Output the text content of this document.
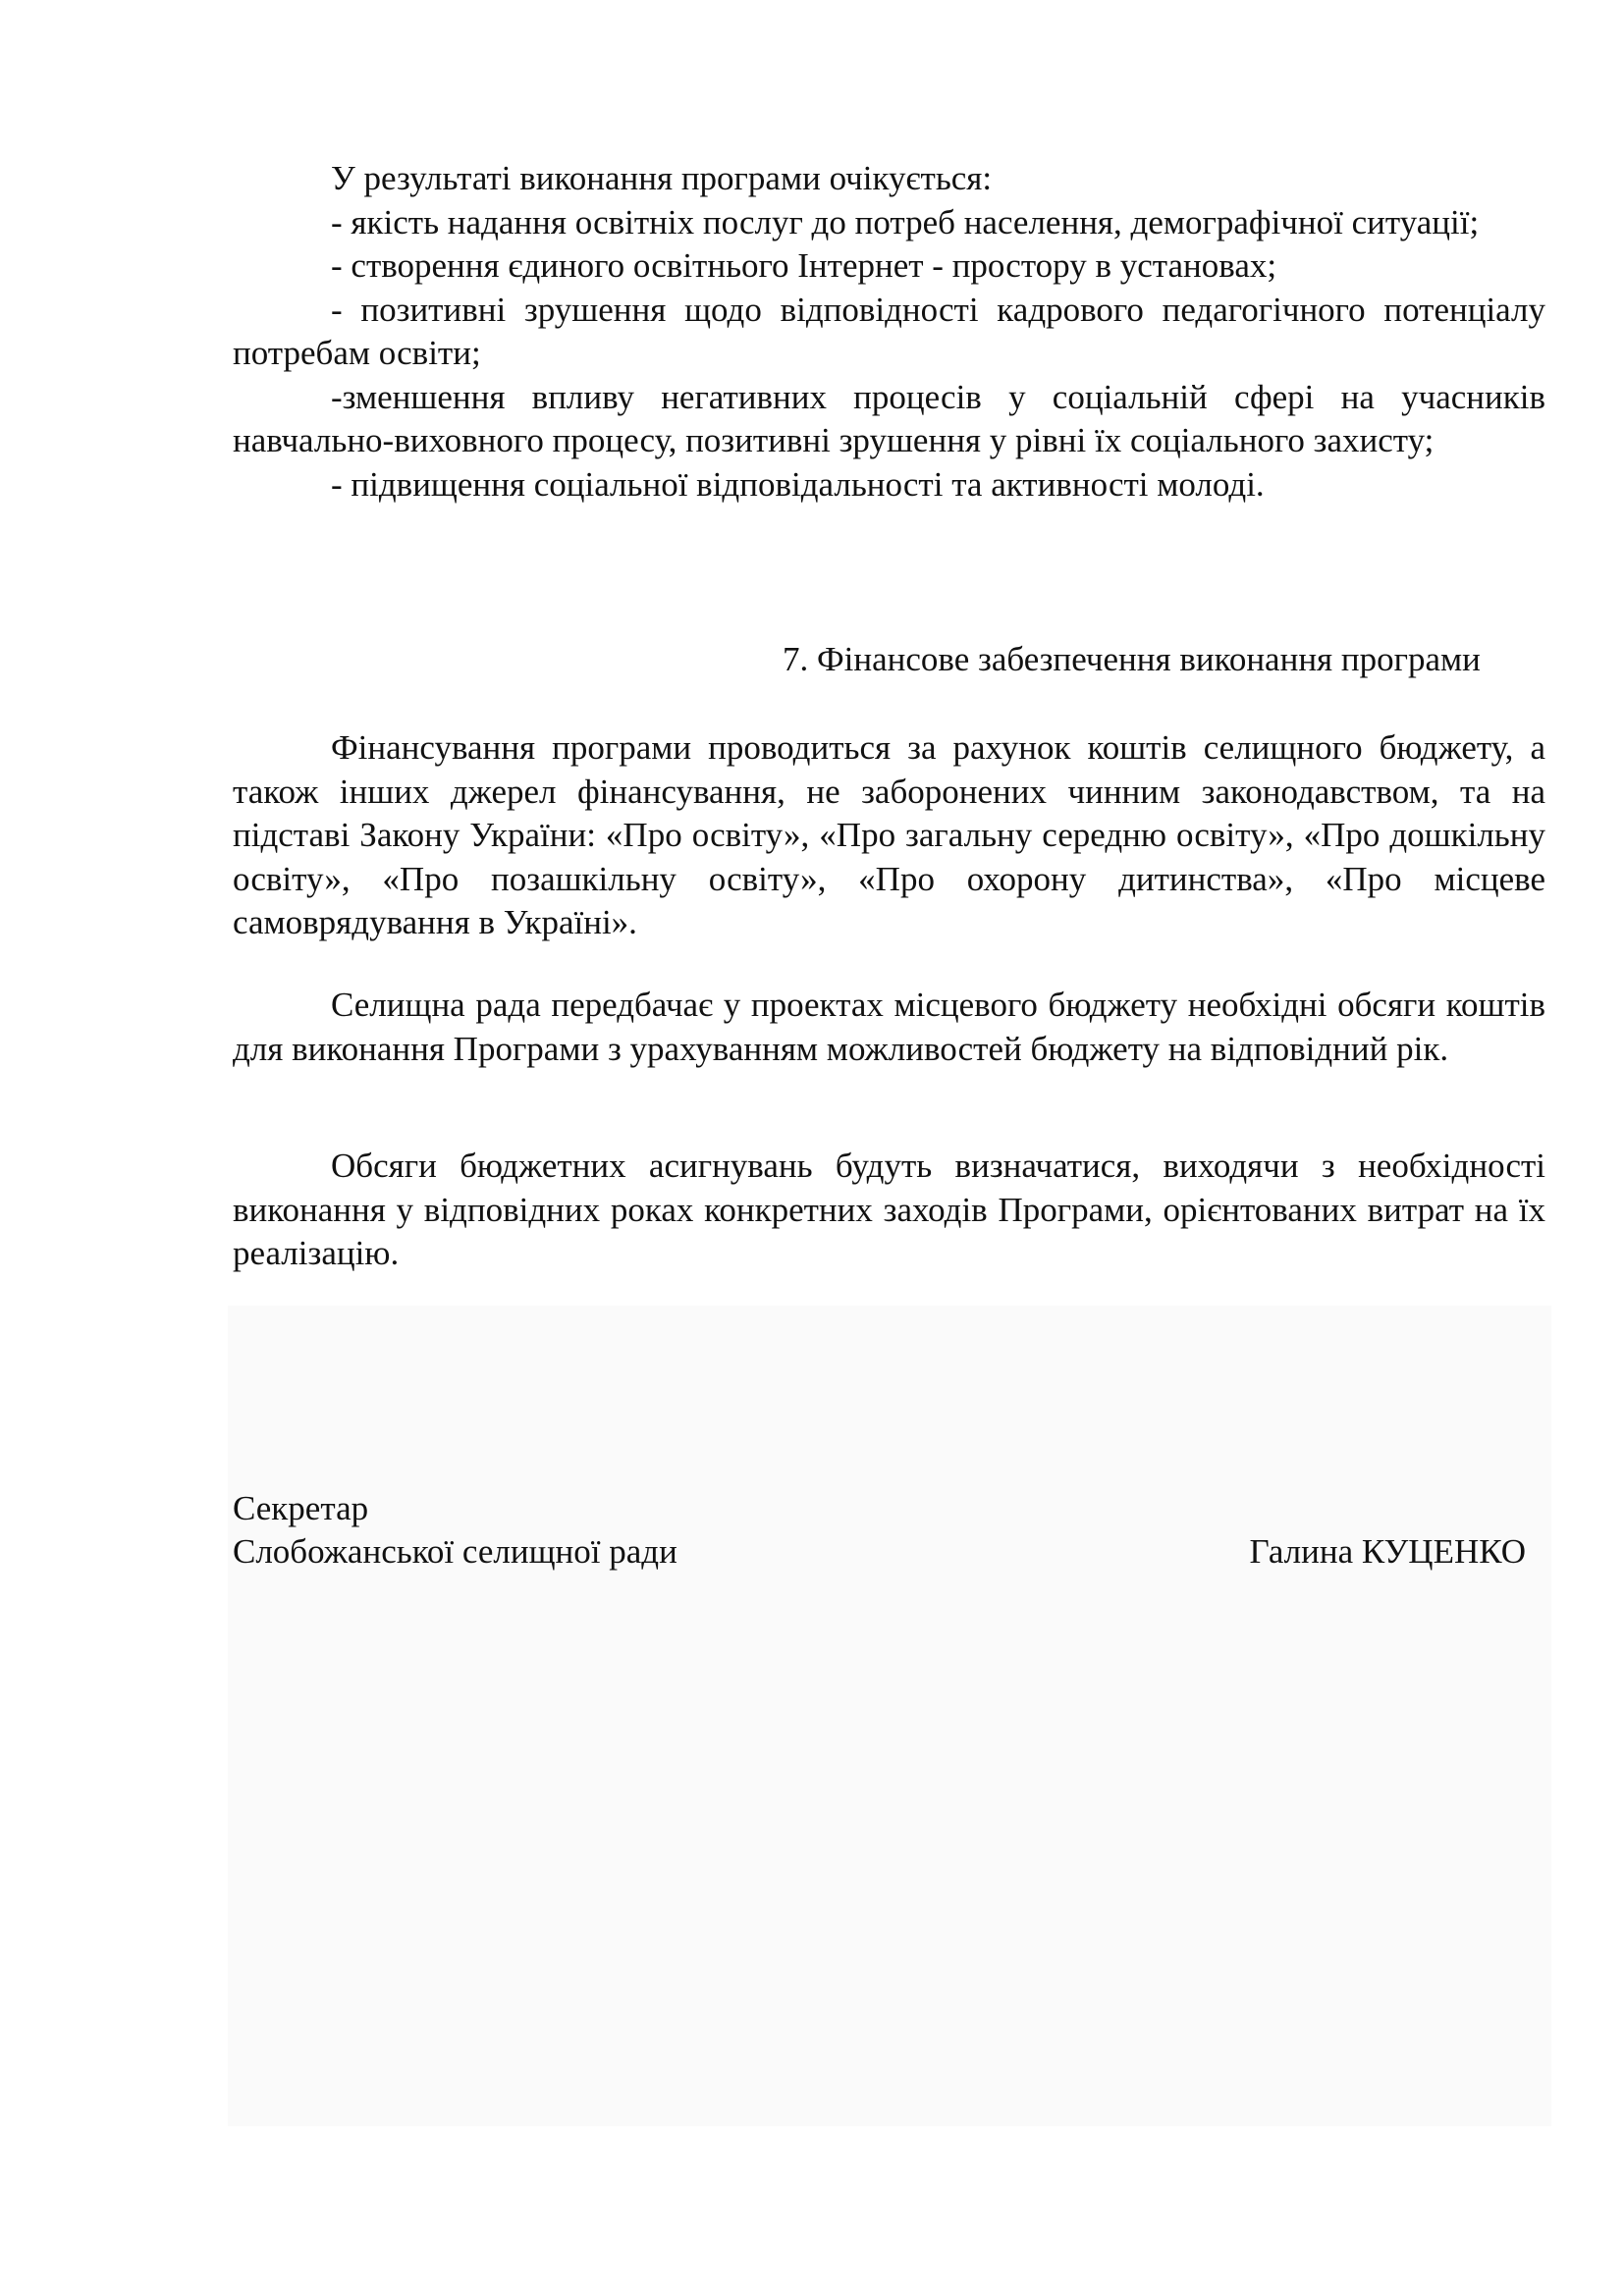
У результаті виконання програми очікується:

- якість надання освітніх послуг до потреб населення, демографічної ситуації;

- створення єдиного освітнього Інтернет - простору в установах;

- позитивні зрушення щодо відповідності кадрового педагогічного потенціалу потребам освіти;

-зменшення впливу негативних процесів у соціальній сфері на учасників навчально-виховного процесу, позитивні зрушення у рівні їх соціального захисту;

- підвищення соціальної відповідальності та активності молоді.

7. Фінансове забезпечення виконання програми

Фінансування програми проводиться за рахунок коштів селищного бюджету, а також інших джерел фінансування, не заборонених чинним законодавством, та на підставі Закону України: «Про освіту», «Про загальну середню освіту», «Про дошкільну освіту», «Про позашкільну освіту», «Про охорону дитинства», «Про місцеве самоврядування в Україні».

Селищна рада передбачає у проектах місцевого бюджету необхідні обсяги коштів для виконання Програми з урахуванням можливостей бюджету на відповідний рік.

Обсяги бюджетних асигнувань будуть визначатися, виходячи з необхідності виконання у відповідних роках конкретних заходів Програми, орієнтованих витрат на їх реалізацію.

Секретар
Слобожанської селищної ради	Галина КУЦЕНКО
